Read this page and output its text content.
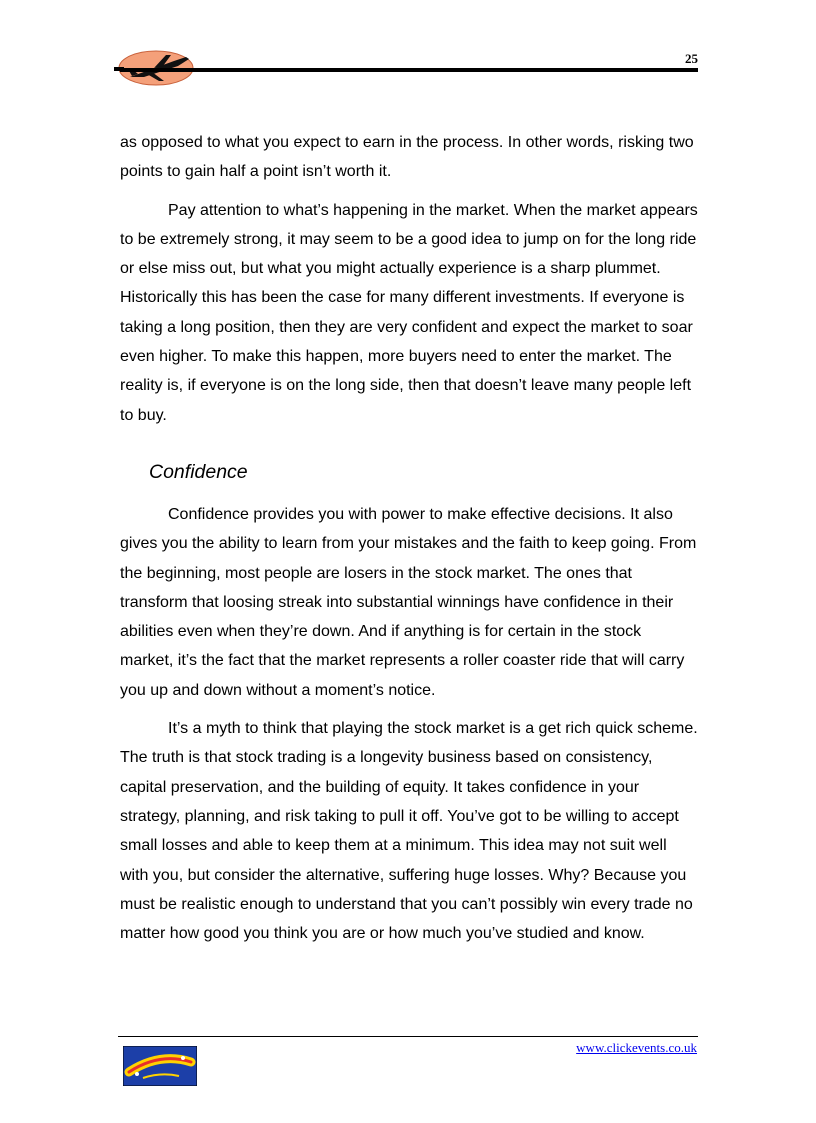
25

as opposed to what you expect to earn in the process. In other words, risking two points to gain half a point isn’t worth it.

Pay attention to what’s happening in the market. When the market appears to be extremely strong, it may seem to be a good idea to jump on for the long ride or else miss out, but what you might actually experience is a sharp plummet. Historically this has been the case for many different investments. If everyone is taking a long position, then they are very confident and expect the market to soar even higher. To make this happen, more buyers need to enter the market. The reality is, if everyone is on the long side, then that doesn’t leave many people left to buy.

Confidence

Confidence provides you with power to make effective decisions. It also gives you the ability to learn from your mistakes and the faith to keep going. From the beginning, most people are losers in the stock market. The ones that transform that loosing streak into substantial winnings have confidence in their abilities even when they’re down. And if anything is for certain in the stock market, it’s the fact that the market represents a roller coaster ride that will carry you up and down without a moment’s notice.

It’s a myth to think that playing the stock market is a get rich quick scheme. The truth is that stock trading is a longevity business based on consistency, capital preservation, and the building of equity. It takes confidence in your strategy, planning, and risk taking to pull it off. You’ve got to be willing to accept small losses and able to keep them at a minimum. This idea may not suit well with you, but consider the alternative, suffering huge losses. Why? Because you must be realistic enough to understand that you can’t possibly win every trade no matter how good you think you are or how much you’ve studied and know.

www.clickevents.co.uk
